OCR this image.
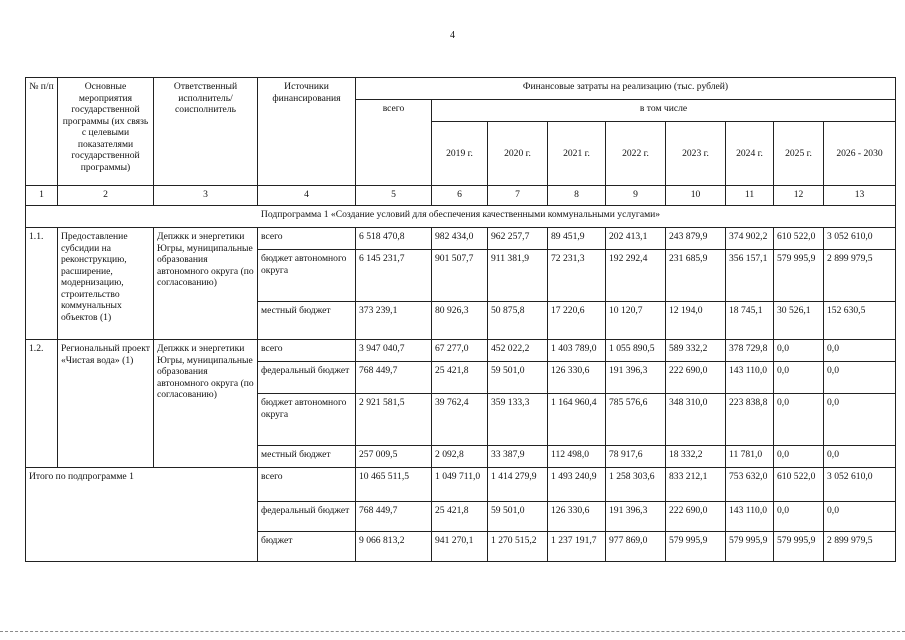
4
№ п/п	Основные мероприятия государственной программы (их связь с целевыми показателями государственной программы)	Ответственный исполнитель/соисполнитель	Источники финансирования	Финансовые затраты на реализацию (тыс. рублей)								
				всего	в том числе							
					2019 г.	2020 г.	2021 г.	2022 г.	2023 г.	2024 г.	2025 г.	2026 - 2030
1	2	3	4	5	6	7	8	9	10	11	12	13
Подпрограмма 1 «Создание условий для обеспечения качественными коммунальными услугами»												
1.1.	Предоставление субсидии на реконструкцию, расширение, модернизацию, строительство коммунальных объектов (1)	Депжкк и энергетики Югры, муниципальные образования автономного округа (по согласованию)	всего	6 518 470,8	982 434,0	962 257,7	89 451,9	202 413,1	243 879,9	374 902,2	610 522,0	3 052 610,0
			бюджет автономного округа	6 145 231,7	901 507,7	911 381,9	72 231,3	192 292,4	231 685,9	356 157,1	579 995,9	2 899 979,5
			местный бюджет	373 239,1	80 926,3	50 875,8	17 220,6	10 120,7	12 194,0	18 745,1	30 526,1	152 630,5
1.2.	Региональный проект «Чистая вода» (1)	Депжкк и энергетики Югры, муниципальные образования автономного округа (по согласованию)	всего	3 947 040,7	67 277,0	452 022,2	1 403 789,0	1 055 890,5	589 332,2	378 729,8	0,0	0,0
			федеральный бюджет	768 449,7	25 421,8	59 501,0	126 330,6	191 396,3	222 690,0	143 110,0	0,0	0,0
			бюджет автономного округа	2 921 581,5	39 762,4	359 133,3	1 164 960,4	785 576,6	348 310,0	223 838,8	0,0	0,0
			местный бюджет	257 009,5	2 092,8	33 387,9	112 498,0	78 917,6	18 332,2	11 781,0	0,0	0,0
Итого по подпрограмме 1			всего	10 465 511,5	1 049 711,0	1 414 279,9	1 493 240,9	1 258 303,6	833 212,1	753 632,0	610 522,0	3 052 610,0
			федеральный бюджет	768 449,7	25 421,8	59 501,0	126 330,6	191 396,3	222 690,0	143 110,0	0,0	0,0
			бюджет	9 066 813,2	941 270,1	1 270 515,2	1 237 191,7	977 869,0	579 995,9	579 995,9	579 995,9	2 899 979,5
